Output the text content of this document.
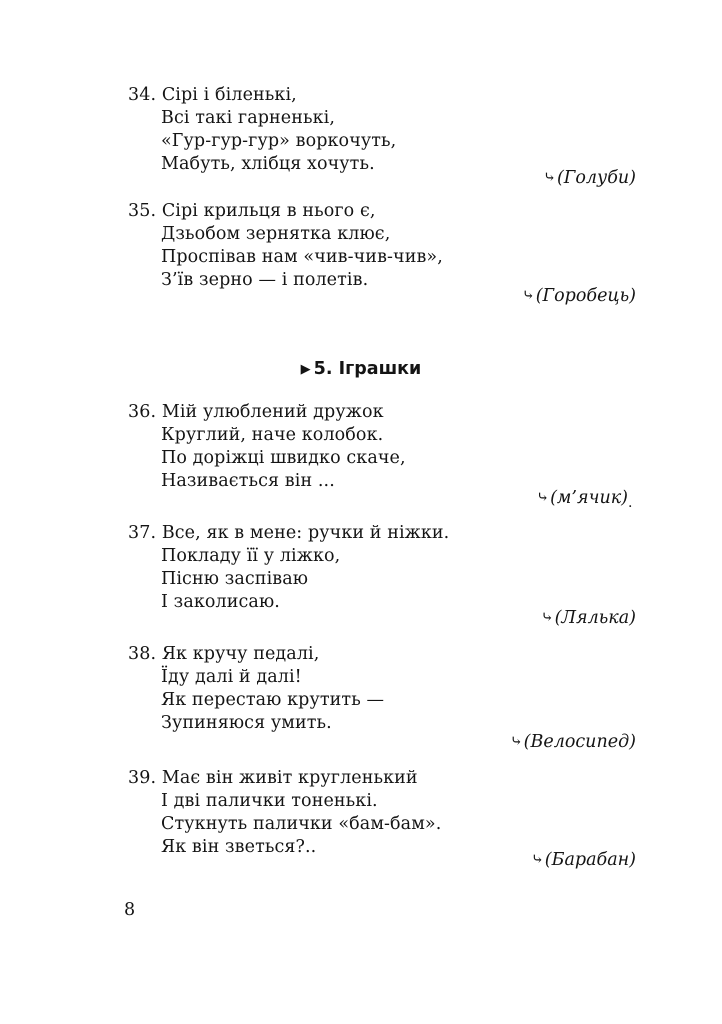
34. Сірі і біленькі,
Всі такі гарненькі,
«Гур-гур-гур» воркочуть,
Мабуть, хлібця хочуть.
⤷(Голуби)
35. Сірі крильця в нього є,
Дзьобом зернятка клює,
Проспівав нам «чив-чив-чив»,
З’їв зерно — і полетів.
⤷(Горобець)
▶ 5. Іграшки
36. Мій улюблений дружок
Круглий, наче колобок.
По доріжці швидко скаче,
Називається він ...
⤷(м’ячик) .
37. Все, як в мене: ручки й ніжки.
Покладу її у ліжко,
Пісню заспіваю
І заколисаю.
⤷(Лялька)
38. Як кручу педалі,
Їду далі й далі!
Як перестаю крутить —
Зупиняюся умить.
⤷(Велосипед)
39. Має він живіт кругленький
І дві палички тоненькі.
Стукнуть палички «бам-бам».
Як він зветься?..
⤷(Барабан)
8
